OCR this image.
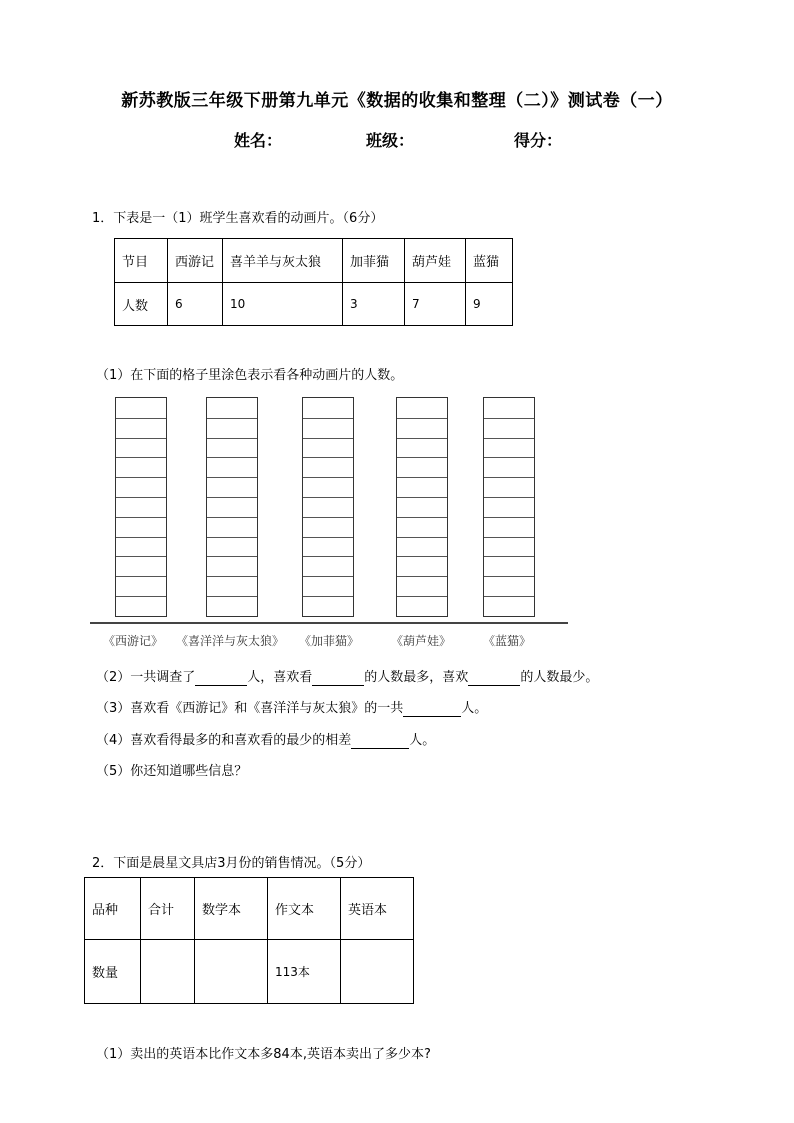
新苏教版三年级下册第九单元《数据的收集和整理（二）》测试卷（一）
姓名：	班级：	得分：
1．下表是一（1）班学生喜欢看的动画片。（6分）
节目	西游记	喜羊羊与灰太狼	加菲猫	葫芦娃	蓝猫
人数	6	10	3	7	9
（1）在下面的格子里涂色表示看各种动画片的人数。
《西游记》 《喜洋洋与灰太狼》 《加菲猫》	《葫芦娃》	《蓝猫》
（2）一共调查了	人，喜欢看	的人数最多，喜欢	的人数最少。
（3）喜欢看《西游记》和《喜洋洋与灰太狼》的一共	人。
（4）喜欢看得最多的和喜欢看的最少的相差	人。
（5）你还知道哪些信息？
2．下面是晨星文具店3月份的销售情况。（5分）
品种	合计	数学本	作文本	英语本
数量			113本	
（1）卖出的英语本比作文本多84本,英语本卖出了多少本?
